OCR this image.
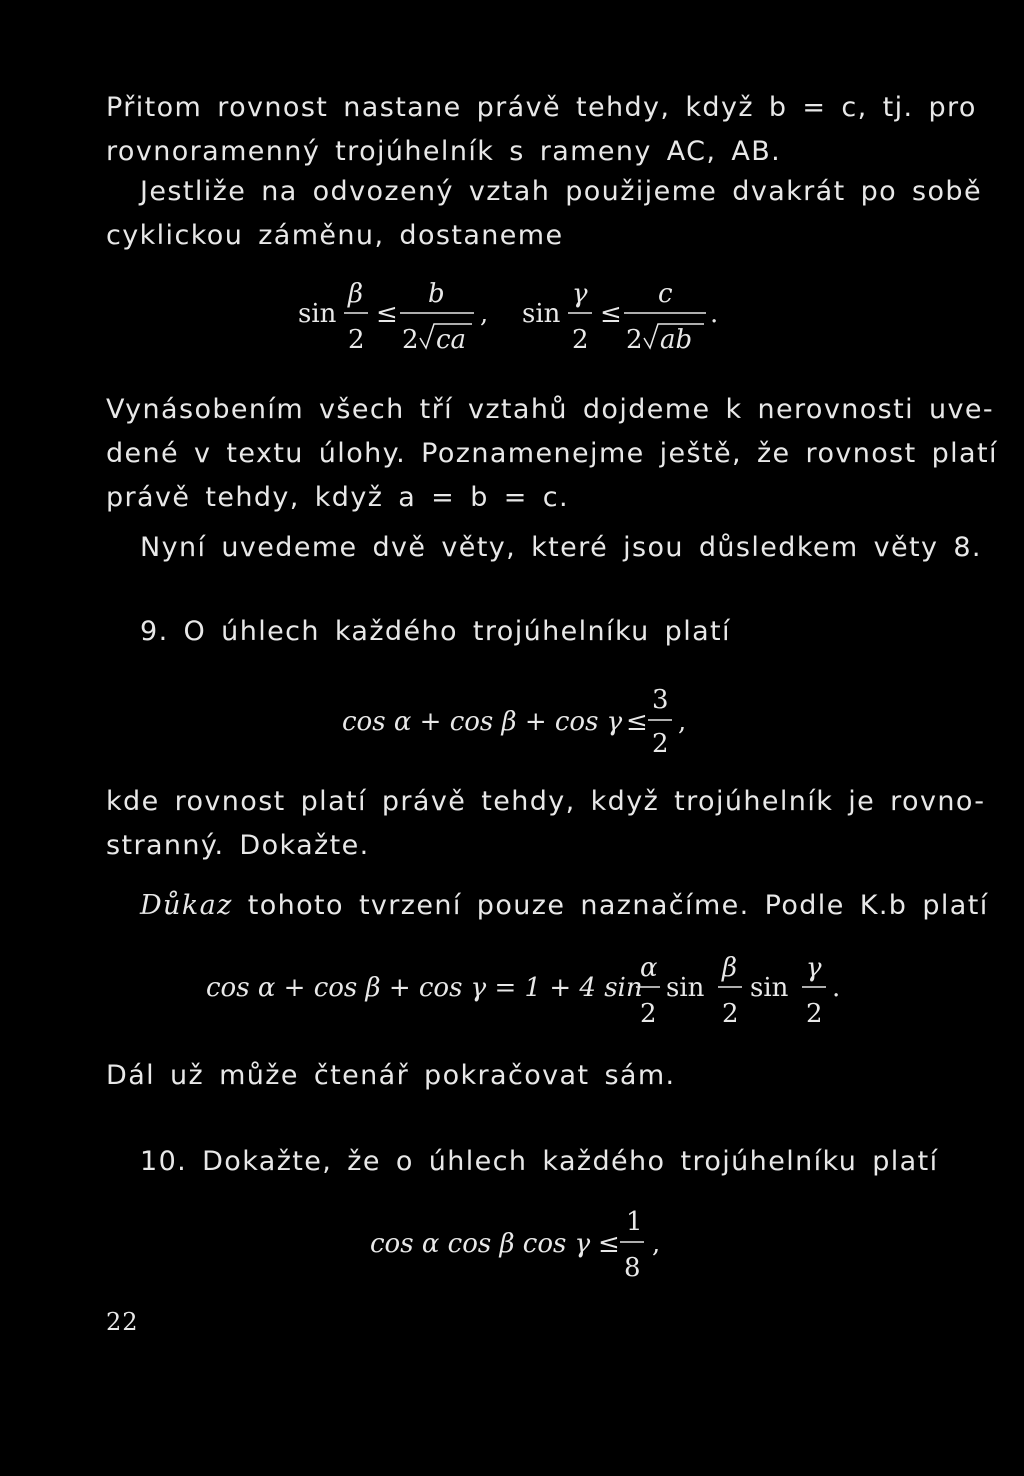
Přitom rovnost nastane právě tehdy, když b = c, tj. pro
rovnoramenný trojúhelník s rameny AC, AB.
Jestliže na odvozený vztah použijeme dvakrát po sobě
cyklickou záměnu, dostaneme
sin
β
2
≤
b
2 ca
, sin
γ
2
≤
c
2 ab
.
Vynásobením všech tří vztahů dojdeme k nerovnosti uve-
dené v textu úlohy. Poznamenejme ještě, že rovnost platí
právě tehdy, když a = b = c.
Nyní uvedeme dvě věty, které jsou důsledkem věty 8.
9. O úhlech každého trojúhelníku platí
cos α + cos β + cos γ ≤
3
2
,
kde rovnost platí právě tehdy, když trojúhelník je rovno-
stranný. Dokažte.
Důkaz tohoto tvrzení pouze naznačíme. Podle K.b platí
cos α + cos β + cos γ = 1 + 4 sin
α
2
sin
β
2
sin
γ
2
.
Dál už může čtenář pokračovat sám.
10. Dokažte, že o úhlech každého trojúhelníku platí
cos α cos β cos γ ≤
1
8
,
22
